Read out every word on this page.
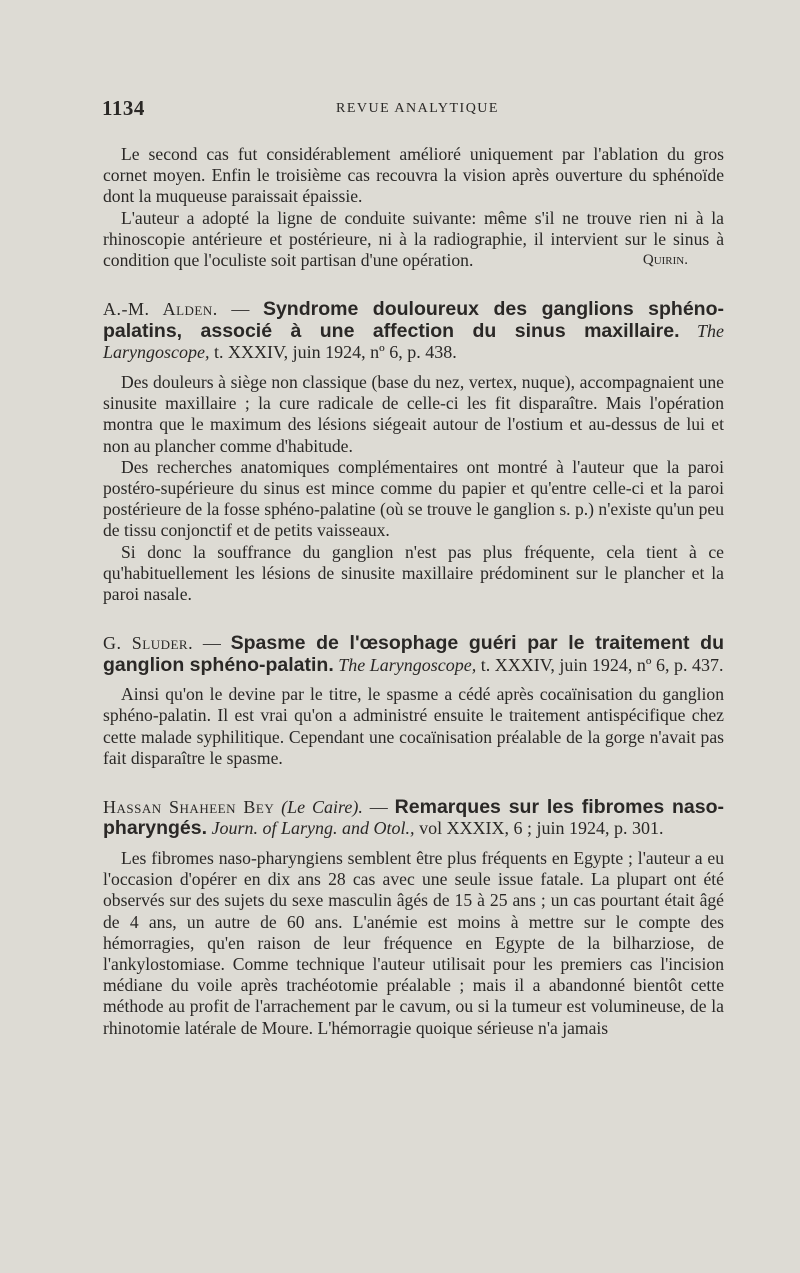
1134	REVUE ANALYTIQUE

Le second cas fut considérablement amélioré uniquement par l'ablation du gros cornet moyen. Enfin le troisième cas recouvra la vision après ouverture du sphénoïde dont la muqueuse paraissait épaissie.

L'auteur a adopté la ligne de conduite suivante: même s'il ne trouve rien ni à la rhinoscopie antérieure et postérieure, ni à la radiographie, il intervient sur le sinus à condition que l'oculiste soit partisan d'une opération.	Quirin.
A.-M. Alden. — Syndrome douloureux des ganglions sphéno-palatins, associé à une affection du sinus maxillaire. The Laryngoscope, t. XXXIV, juin 1924, nº 6, p. 438.

Des douleurs à siège non classique (base du nez, vertex, nuque), accompagnaient une sinusite maxillaire ; la cure radicale de celle-ci les fit disparaître. Mais l'opération montra que le maximum des lésions siégeait autour de l'ostium et au-dessus de lui et non au plancher comme d'habitude.

Des recherches anatomiques complémentaires ont montré à l'auteur que la paroi postéro-supérieure du sinus est mince comme du papier et qu'entre celle-ci et la paroi postérieure de la fosse sphéno-palatine (où se trouve le ganglion s. p.) n'existe qu'un peu de tissu conjonctif et de petits vaisseaux.

Si donc la souffrance du ganglion n'est pas plus fréquente, cela tient à ce qu'habituellement les lésions de sinusite maxillaire prédominent sur le plancher et la paroi nasale.

G. Sluder. — Spasme de l'œsophage guéri par le traitement du ganglion sphéno-palatin. The Laryngoscope, t. XXXIV, juin 1924, nº 6, p. 437.

Ainsi qu'on le devine par le titre, le spasme a cédé après cocaïnisation du ganglion sphéno-palatin. Il est vrai qu'on a administré ensuite le traitement antispécifique chez cette malade syphilitique. Cependant une cocaïnisation préalable de la gorge n'avait pas fait disparaître le spasme.

Hassan Shaheen Bey (Le Caire). — Remarques sur les fibromes naso-pharyngés. Journ. of Laryng. and Otol., vol XXXIX, 6 ; juin 1924, p. 301.

Les fibromes naso-pharyngiens semblent être plus fréquents en Egypte ; l'auteur a eu l'occasion d'opérer en dix ans 28 cas avec une seule issue fatale. La plupart ont été observés sur des sujets du sexe masculin âgés de 15 à 25 ans ; un cas pourtant était âgé de 4 ans, un autre de 60 ans. L'anémie est moins à mettre sur le compte des hémorragies, qu'en raison de leur fréquence en Egypte de la bilharziose, de l'ankylostomiase. Comme technique l'auteur utilisait pour les premiers cas l'incision médiane du voile après trachéotomie préalable ; mais il a abandonné bientôt cette méthode au profit de l'arrachement par le cavum, ou si la tumeur est volumineuse, de la rhinotomie latérale de Moure. L'hémorragie quoique sérieuse n'a jamais
